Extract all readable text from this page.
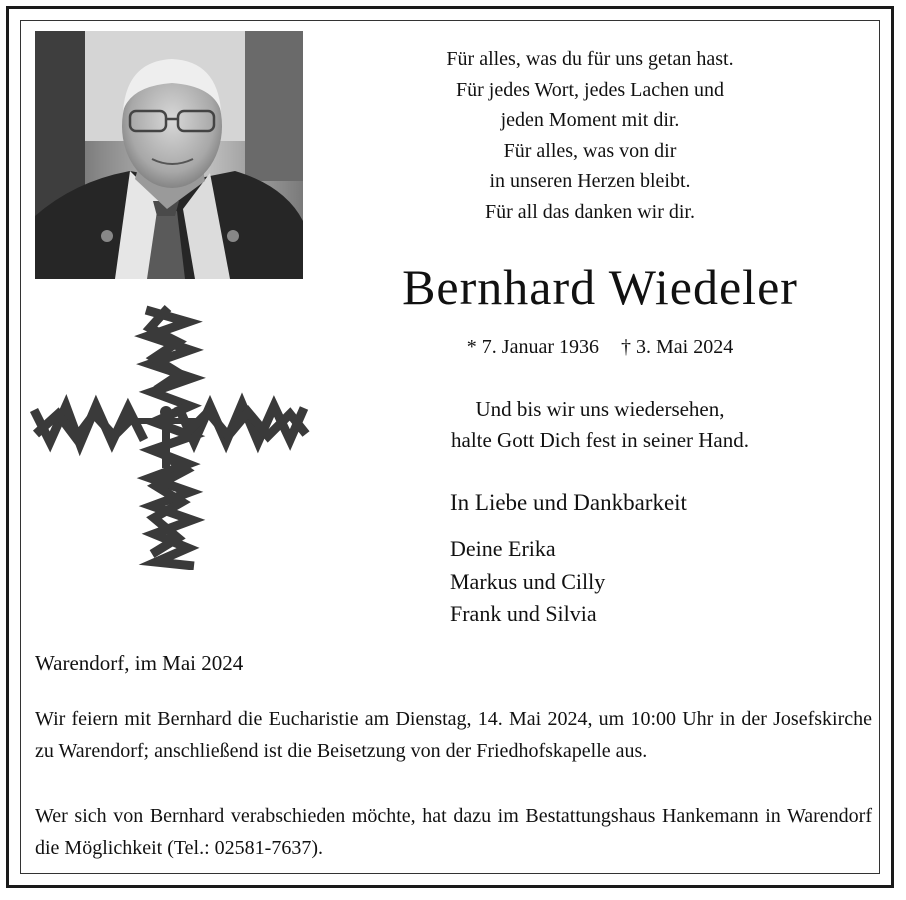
Für alles, was du für uns getan hast.
Für jedes Wort, jedes Lachen und
jeden Moment mit dir.
Für alles, was von dir
in unseren Herzen bleibt.
Für all das danken wir dir.
Bernhard Wiedeler
* 7. Januar 1936 † 3. Mai 2024
Und bis wir uns wiedersehen,
halte Gott Dich fest in seiner Hand.
In Liebe und Dankbarkeit
Deine Erika
Markus und Cilly
Frank und Silvia
Warendorf, im Mai 2024
Wir feiern mit Bernhard die Eucharistie am Dienstag, 14. Mai 2024, um 10:00 Uhr in der Josefskirche zu Warendorf; anschließend ist die Beisetzung von der Friedhofskapelle aus.
Wer sich von Bernhard verabschieden möchte, hat dazu im Bestattungshaus Hankemann in Warendorf die Möglichkeit (Tel.: 02581-7637).
